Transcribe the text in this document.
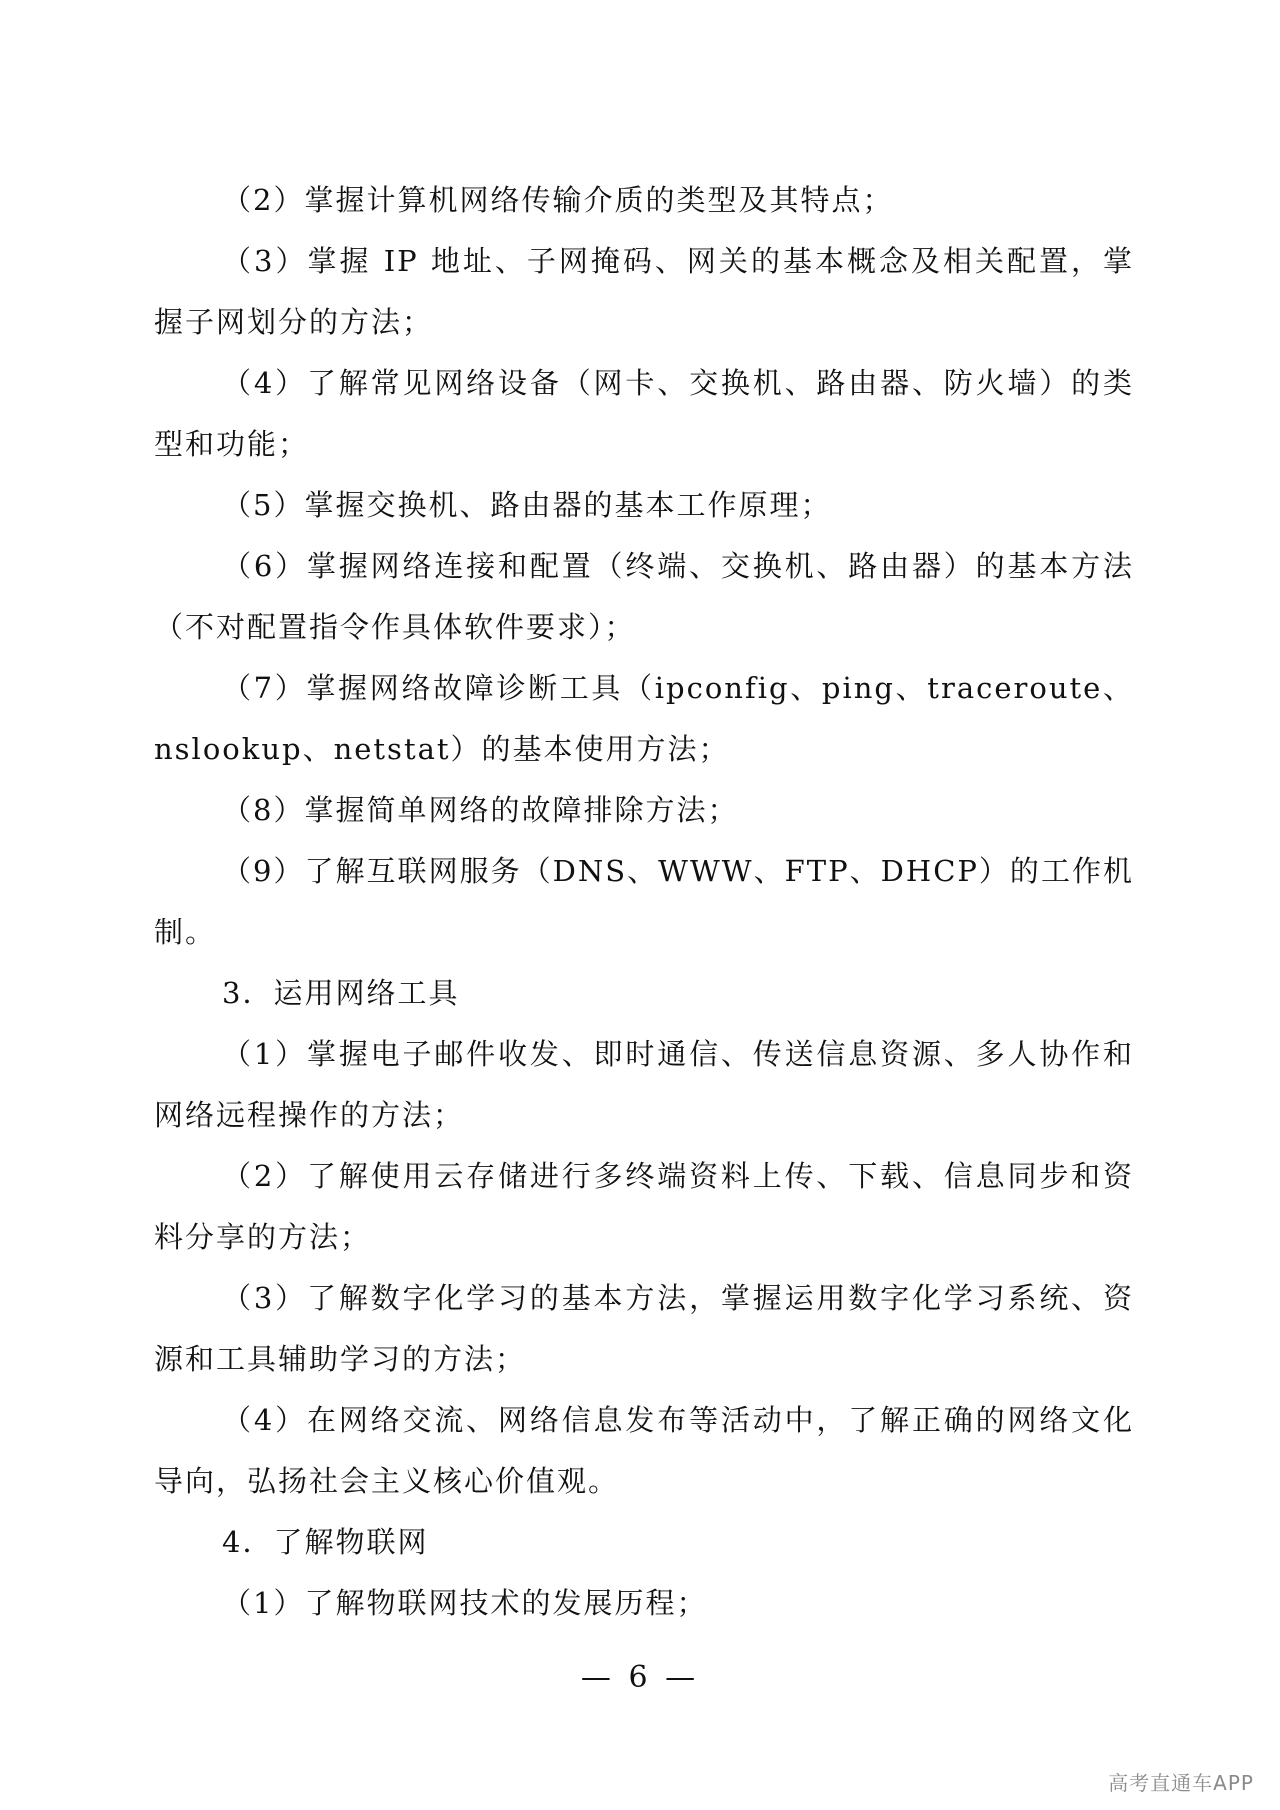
（2）掌握计算机网络传输介质的类型及其特点；

（3）掌握 IP 地址、子网掩码、网关的基本概念及相关配置，掌握子网划分的方法；

（4）了解常见网络设备（网卡、交换机、路由器、防火墙）的类型和功能；

（5）掌握交换机、路由器的基本工作原理；

（6）掌握网络连接和配置（终端、交换机、路由器）的基本方法（不对配置指令作具体软件要求）；

（7）掌握网络故障诊断工具（ipconfig、ping、traceroute、nslookup、netstat）的基本使用方法；

（8）掌握简单网络的故障排除方法；

（9）了解互联网服务（DNS、WWW、FTP、DHCP）的工作机制。

3．运用网络工具

（1）掌握电子邮件收发、即时通信、传送信息资源、多人协作和网络远程操作的方法；

（2）了解使用云存储进行多终端资料上传、下载、信息同步和资料分享的方法；

（3）了解数字化学习的基本方法，掌握运用数字化学习系统、资源和工具辅助学习的方法；

（4）在网络交流、网络信息发布等活动中，了解正确的网络文化导向，弘扬社会主义核心价值观。

4．了解物联网

（1）了解物联网技术的发展历程；

— 6 —
高考直通车APP
